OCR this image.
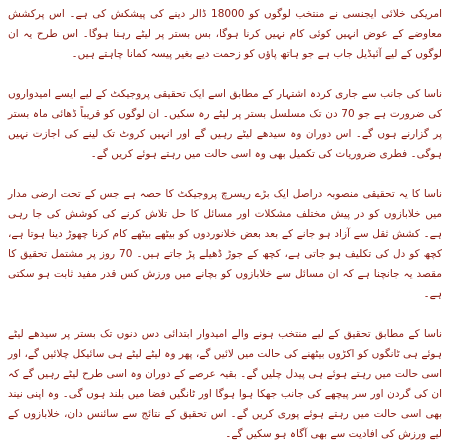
امریکی خلائی ایجنسی نے منتخب لوگوں کو 18000 ڈالر دینے کی پیشکش کی ہے۔ اس پرکشش معاوضے کے عوض انہیں کوئی کام نہیں کرنا ہوگا، بس بستر پر لیٹے رہنا ہوگا۔ اس طرح یہ ان لوگوں کے لیے آئیڈیل جاب ہے جو ہاتھ پاؤں کو زحمت دیے بغیر پیسہ کمانا چاہتے ہیں۔

ناسا کی جانب سے جاری کردہ اشتہار کے مطابق اسے ایک تحقیقی پروجیکٹ کے لیے ایسے امیدواروں کی ضرورت ہے جو 70 دن تک مسلسل بستر پر لیٹے رہ سکیں۔ ان لوگوں کو قریباً ڈھائی ماہ بستر پر گزارنے ہوں گے۔ اس دوران وہ سیدھے لیٹے رہیں گے اور انہیں کروٹ تک لینے کی اجازت نہیں ہوگی۔ فطری ضروریات کی تکمیل بھی وہ اسی حالت میں رہتے ہوئے کریں گے۔

ناسا کا یہ تحقیقی منصوبہ دراصل ایک بڑے ریسرچ پروجیکٹ کا حصہ ہے جس کے تحت ارضی مدار میں خلابازوں کو در پیش مختلف مشکلات اور مسائل کا حل تلاش کرنے کی کوشش کی جا رہی ہے۔ کشش ثقل سے آزاد ہو جانے کے بعد بعض خلانوردوں کو بیٹھے بیٹھے کام کرنا چھوڑ دینا ہوتا ہے، کچھ کو دل کی تکلیف ہو جاتی ہے، کچھ کے جوڑ ڈھیلے پڑ جاتے ہیں۔ 70 روز پر مشتمل تحقیق کا مقصد یہ جانچنا ہے کہ ان مسائل سے خلابازوں کو بچانے میں ورزش کس قدر مفید ثابت ہو سکتی ہے۔

ناسا کے مطابق تحقیق کے لیے منتخب ہونے والے امیدوار ابتدائی دس دنوں تک بستر پر سیدھے لیٹے ہوئے ہی ٹانگوں کو اکڑوں بیٹھنے کی حالت میں لائیں گے، پھر وہ لیٹے لیٹے ہی سائیکل چلائیں گے، اور اسی حالت میں رہتے ہوئے ہی پیدل چلیں گے۔ بقیہ عرصے کے دوران وہ اسی طرح لیٹے رہیں گے کہ ان کی گردن اور سر پیچھے کی جانب جھکا ہوا ہوگا اور ٹانگیں فضا میں بلند ہوں گی۔ وہ اپنی نیند بھی اسی حالت میں رہتے ہوئے پوری کریں گے۔ اس تحقیق کے نتائج سے سائنس دان، خلابازوں کے لیے ورزش کی افادیت سے بھی آگاہ ہو سکیں گے۔
